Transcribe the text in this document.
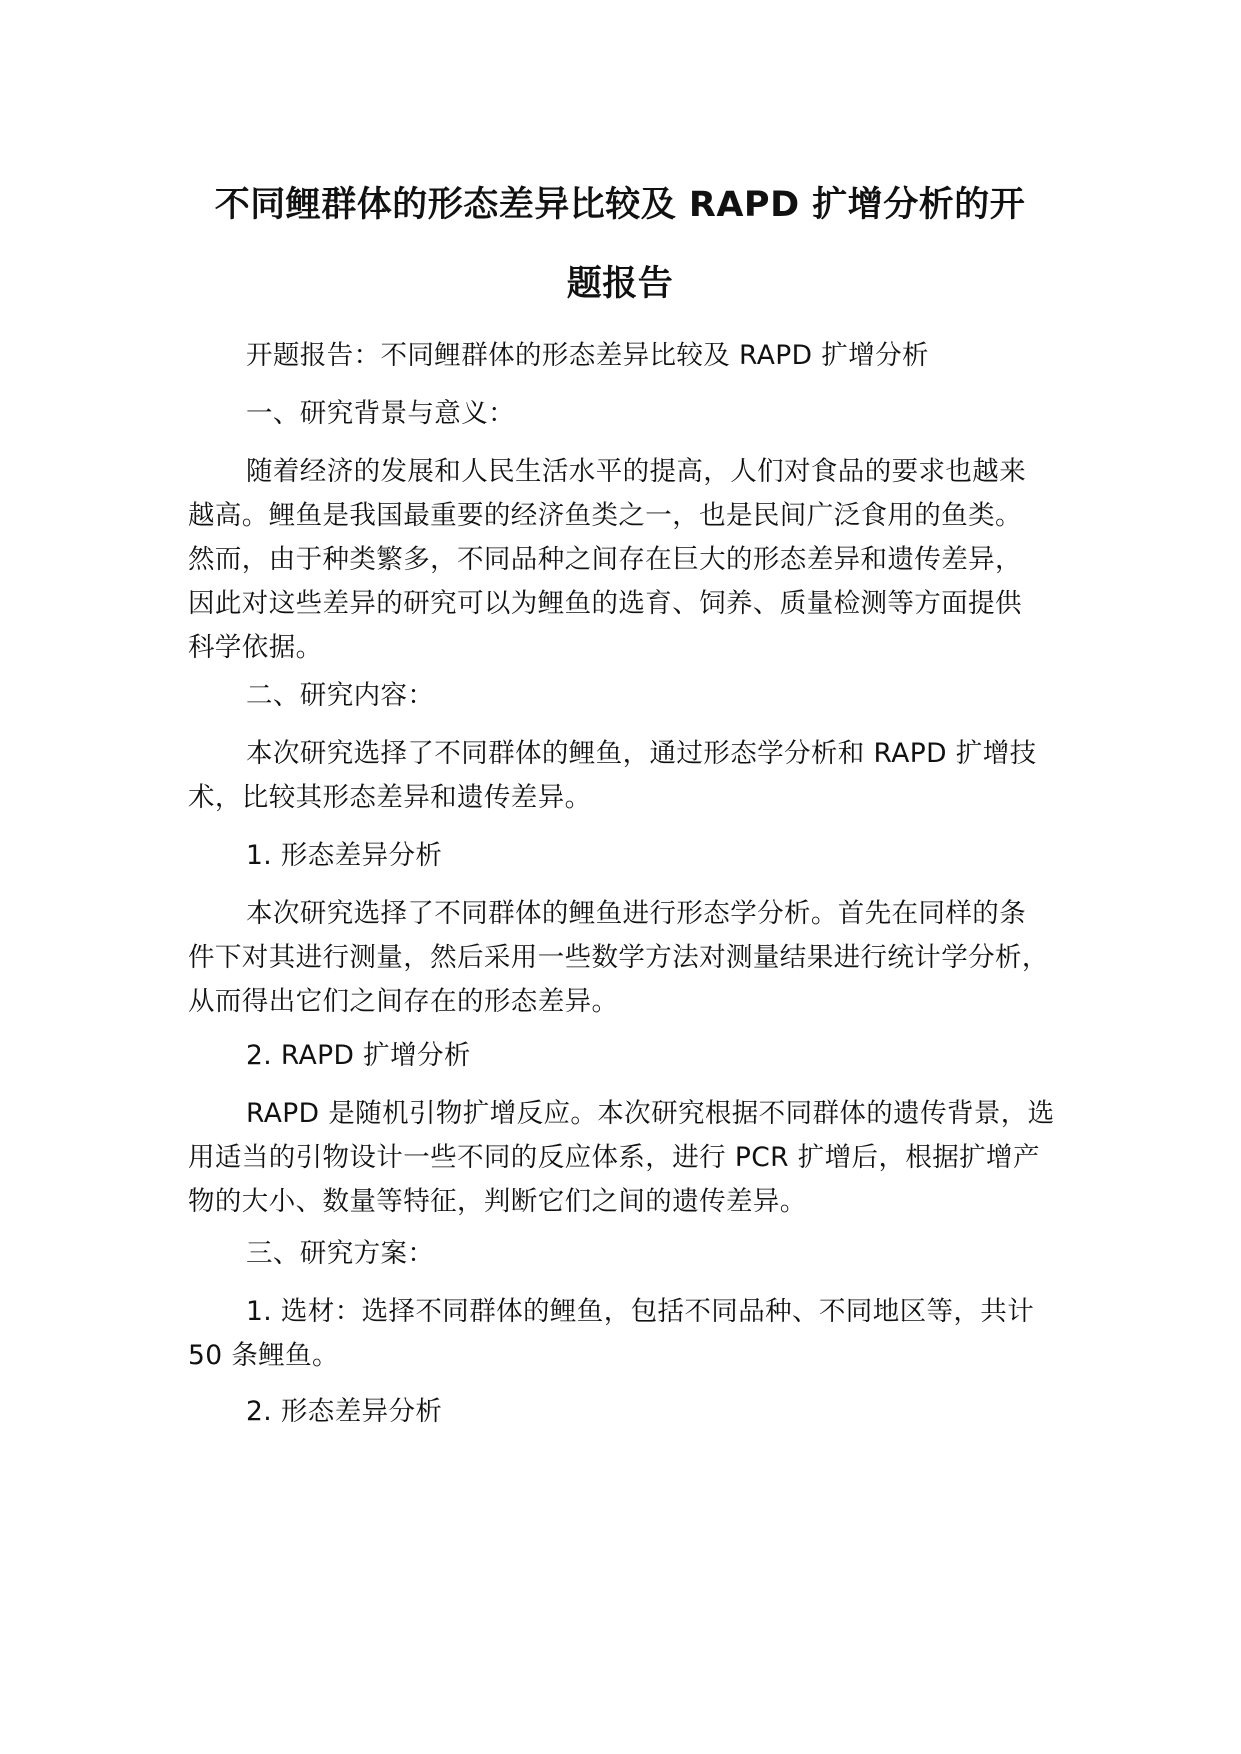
不同鲤群体的形态差异比较及 RAPD 扩增分析的开
题报告

开题报告：不同鲤群体的形态差异比较及 RAPD 扩增分析

一、研究背景与意义：

随着经济的发展和人民生活水平的提高，人们对食品的要求也越来
越高。鲤鱼是我国最重要的经济鱼类之一，也是民间广泛食用的鱼类。
然而，由于种类繁多，不同品种之间存在巨大的形态差异和遗传差异，
因此对这些差异的研究可以为鲤鱼的选育、饲养、质量检测等方面提供
科学依据。

二、研究内容：

本次研究选择了不同群体的鲤鱼，通过形态学分析和 RAPD 扩增技
术，比较其形态差异和遗传差异。

1. 形态差异分析

本次研究选择了不同群体的鲤鱼进行形态学分析。首先在同样的条
件下对其进行测量，然后采用一些数学方法对测量结果进行统计学分析，
从而得出它们之间存在的形态差异。

2. RAPD 扩增分析

RAPD 是随机引物扩增反应。本次研究根据不同群体的遗传背景，选
用适当的引物设计一些不同的反应体系，进行 PCR 扩增后，根据扩增产
物的大小、数量等特征，判断它们之间的遗传差异。

三、研究方案：

1. 选材：选择不同群体的鲤鱼，包括不同品种、不同地区等，共计
50 条鲤鱼。

2. 形态差异分析
